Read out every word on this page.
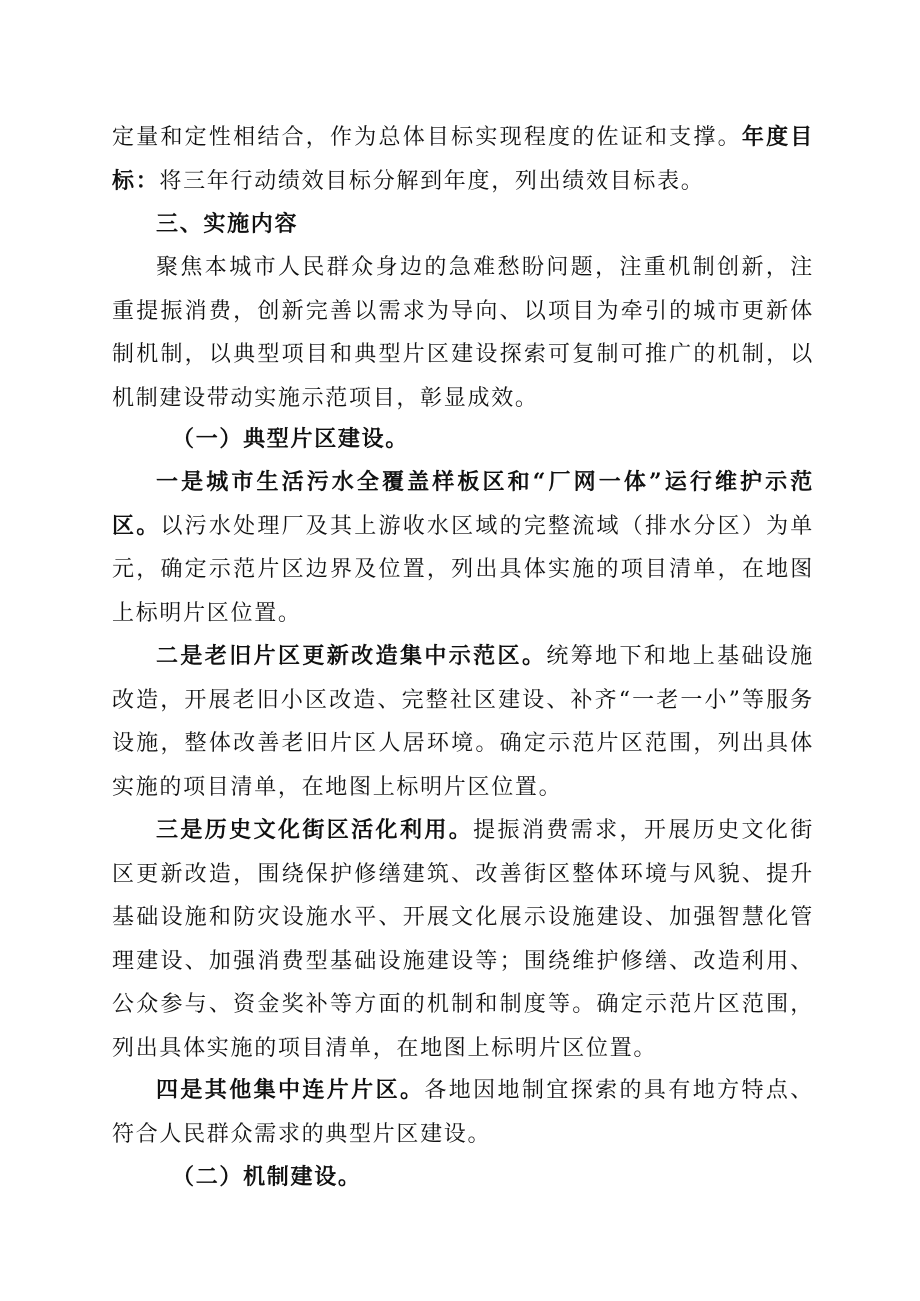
定量和定性相结合，作为总体目标实现程度的佐证和支撑。年度目标：将三年行动绩效目标分解到年度，列出绩效目标表。

三、实施内容

聚焦本城市人民群众身边的急难愁盼问题，注重机制创新，注重提振消费，创新完善以需求为导向、以项目为牵引的城市更新体制机制，以典型项目和典型片区建设探索可复制可推广的机制，以机制建设带动实施示范项目，彰显成效。

（一）典型片区建设。

一是城市生活污水全覆盖样板区和“厂网一体”运行维护示范区。以污水处理厂及其上游收水区域的完整流域（排水分区）为单元，确定示范片区边界及位置，列出具体实施的项目清单，在地图上标明片区位置。

二是老旧片区更新改造集中示范区。统筹地下和地上基础设施改造，开展老旧小区改造、完整社区建设、补齐“一老一小”等服务设施，整体改善老旧片区人居环境。确定示范片区范围，列出具体实施的项目清单，在地图上标明片区位置。

三是历史文化街区活化利用。提振消费需求，开展历史文化街区更新改造，围绕保护修缮建筑、改善街区整体环境与风貌、提升基础设施和防灾设施水平、开展文化展示设施建设、加强智慧化管理建设、加强消费型基础设施建设等；围绕维护修缮、改造利用、公众参与、资金奖补等方面的机制和制度等。确定示范片区范围，列出具体实施的项目清单，在地图上标明片区位置。

四是其他集中连片片区。各地因地制宜探索的具有地方特点、符合人民群众需求的典型片区建设。

（二）机制建设。
